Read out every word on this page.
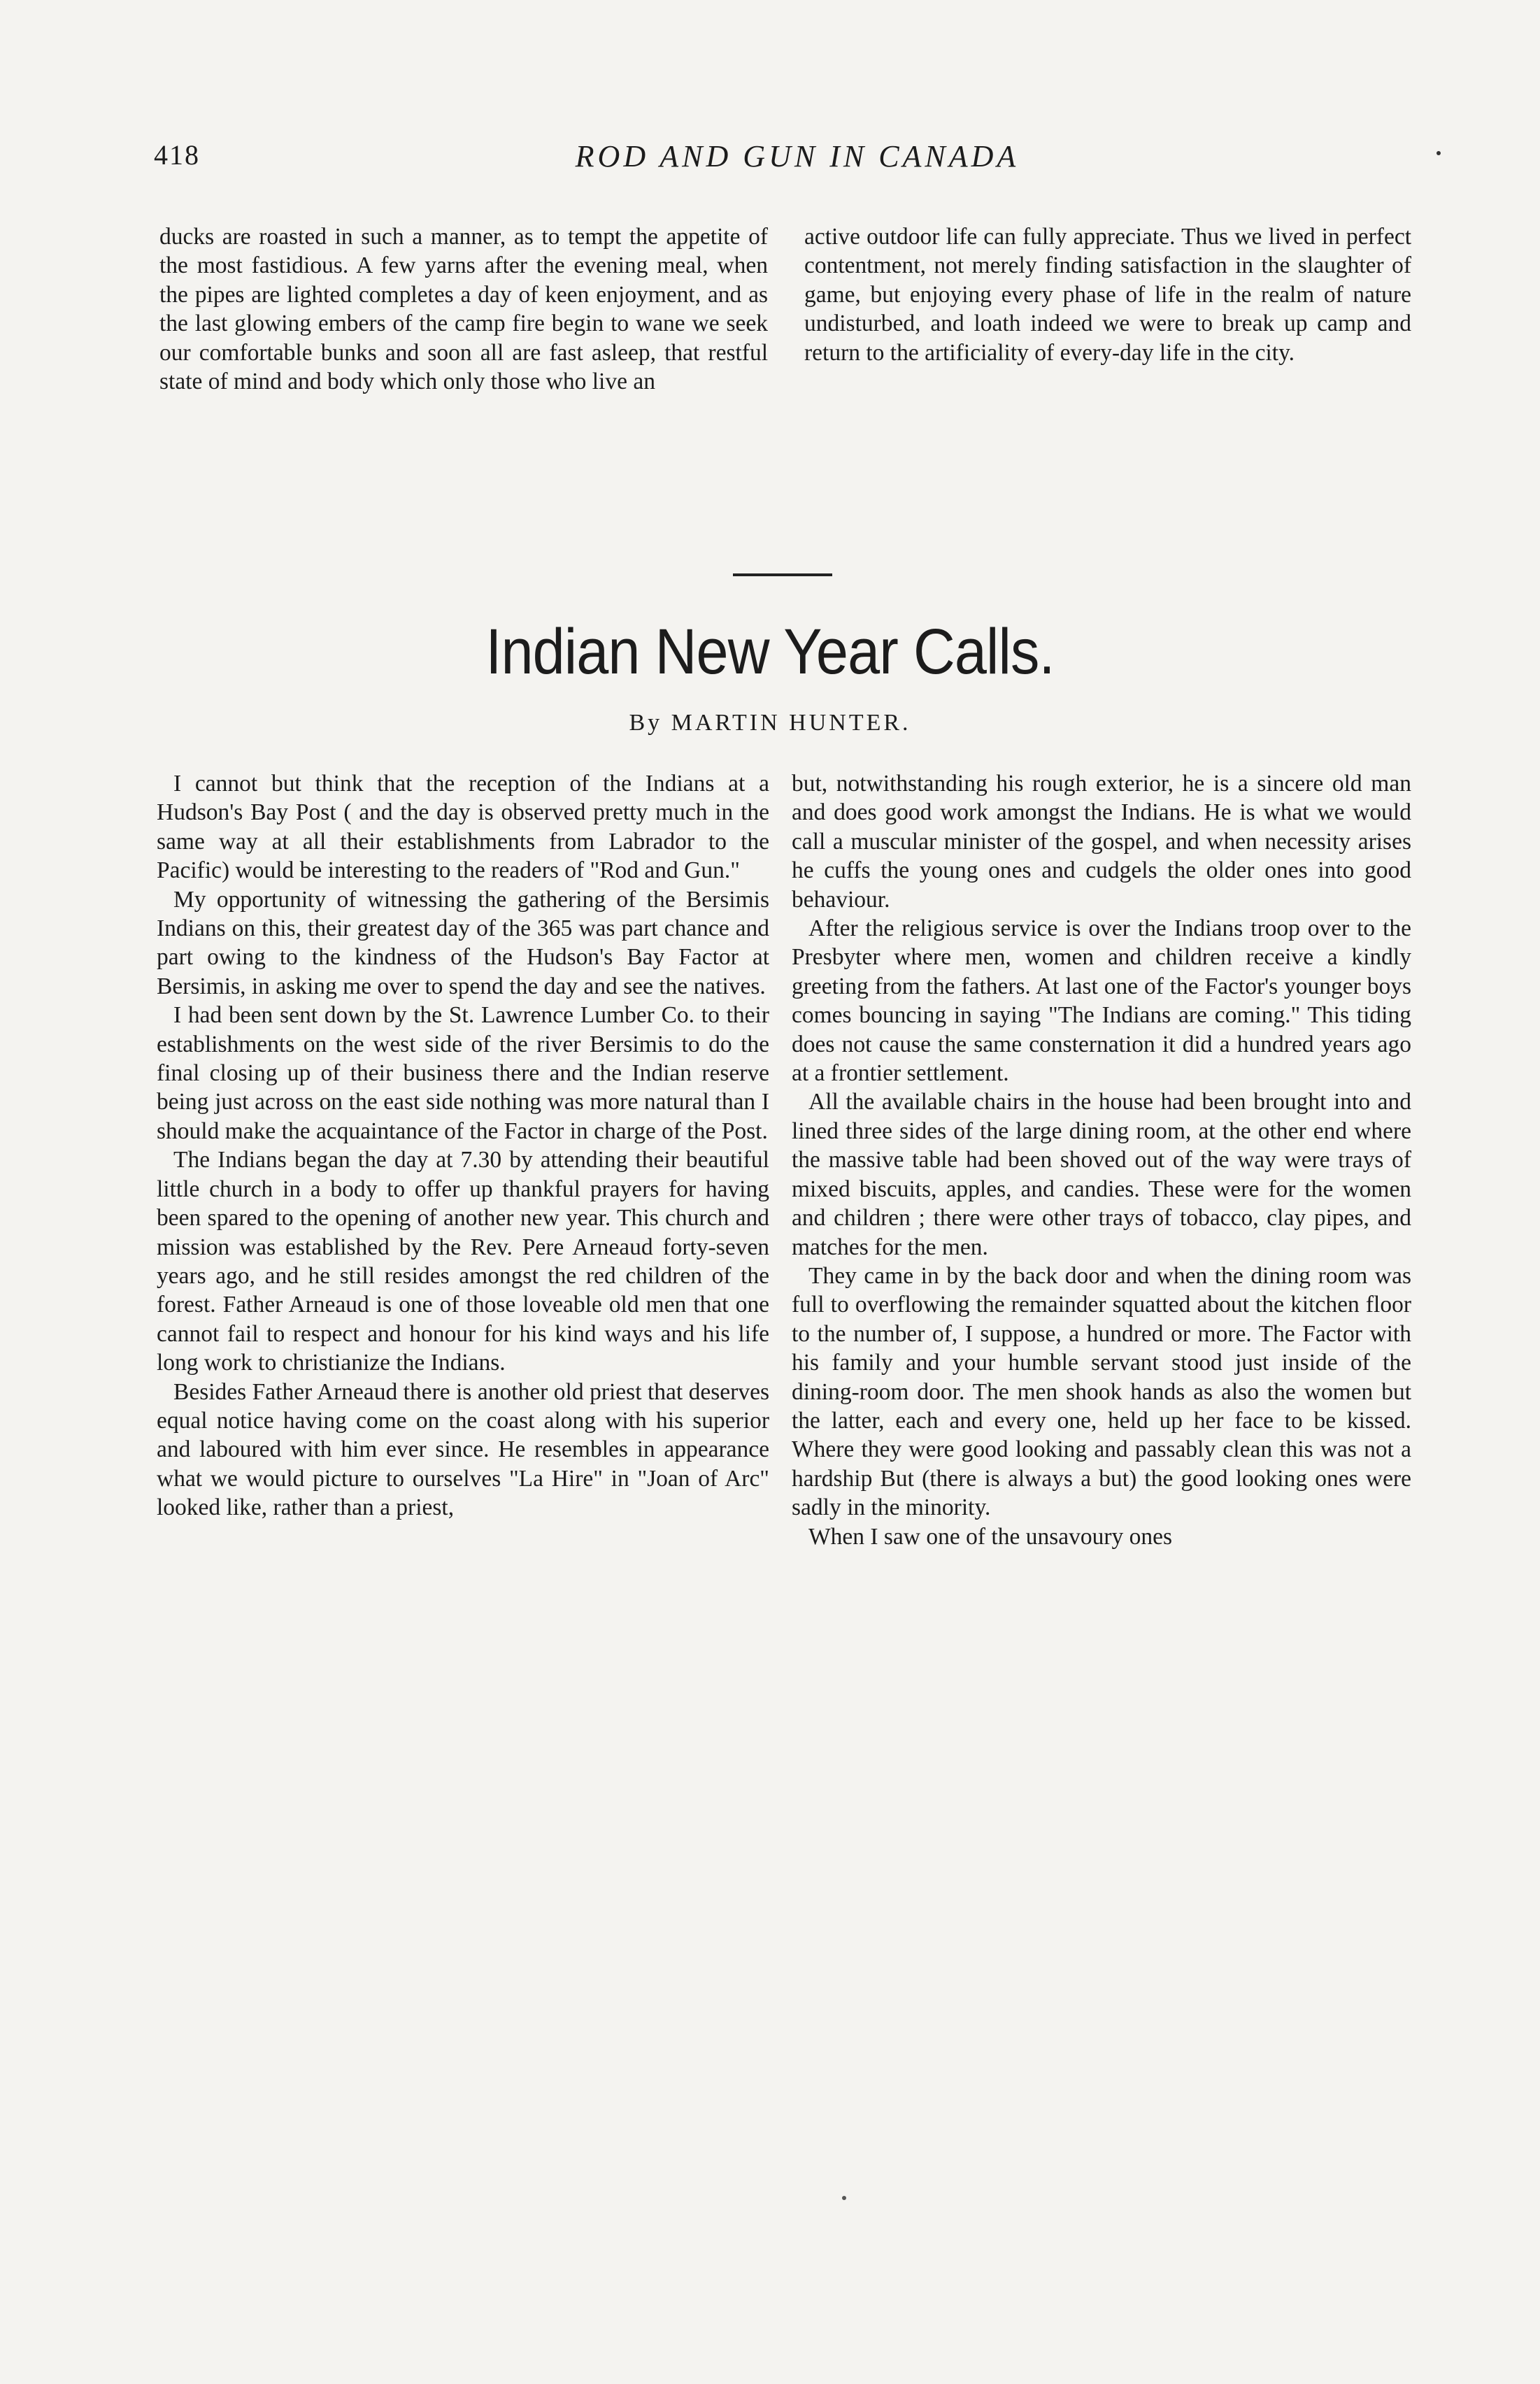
418	ROD AND GUN IN CANADA

ducks are roasted in such a manner, as to tempt the appetite of the most fastidious. A few yarns after the evening meal, when the pipes are lighted completes a day of keen enjoyment, and as the last glowing embers of the camp fire begin to wane we seek our comfortable bunks and soon all are fast asleep, that restful state of mind and body which only those who live an

active outdoor life can fully appreciate. Thus we lived in perfect contentment, not merely finding satisfaction in the slaughter of game, but enjoying every phase of life in the realm of nature undisturbed, and loath indeed we were to break up camp and return to the artificiality of every-day life in the city.

Indian New Year Calls.
By MARTIN HUNTER.

I cannot but think that the reception of the Indians at a Hudson's Bay Post ( and the day is observed pretty much in the same way at all their establishments from Labrador to the Pacific) would be interesting to the readers of "Rod and Gun."

My opportunity of witnessing the gathering of the Bersimis Indians on this, their greatest day of the 365 was part chance and part owing to the kindness of the Hudson's Bay Factor at Bersimis, in asking me over to spend the day and see the natives.

I had been sent down by the St. Lawrence Lumber Co. to their establishments on the west side of the river Bersimis to do the final closing up of their business there and the Indian reserve being just across on the east side nothing was more natural than I should make the acquaintance of the Factor in charge of the Post.

The Indians began the day at 7.30 by attending their beautiful little church in a body to offer up thankful prayers for having been spared to the opening of another new year. This church and mission was established by the Rev. Pere Arneaud forty-seven years ago, and he still resides amongst the red children of the forest. Father Arneaud is one of those loveable old men that one cannot fail to respect and honour for his kind ways and his life long work to christianize the Indians.

Besides Father Arneaud there is another old priest that deserves equal notice having come on the coast along with his superior and laboured with him ever since. He resembles in appearance what we would picture to ourselves "La Hire" in "Joan of Arc" looked like, rather than a priest,

but, notwithstanding his rough exterior, he is a sincere old man and does good work amongst the Indians. He is what we would call a muscular minister of the gospel, and when necessity arises he cuffs the young ones and cudgels the older ones into good behaviour.

After the religious service is over the Indians troop over to the Presbyter where men, women and children receive a kindly greeting from the fathers. At last one of the Factor's younger boys comes bouncing in saying "The Indians are coming." This tiding does not cause the same consternation it did a hundred years ago at a frontier settlement.

All the available chairs in the house had been brought into and lined three sides of the large dining room, at the other end where the massive table had been shoved out of the way were trays of mixed biscuits, apples, and candies. These were for the women and children ; there were other trays of tobacco, clay pipes, and matches for the men.

They came in by the back door and when the dining room was full to overflowing the remainder squatted about the kitchen floor to the number of, I suppose, a hundred or more. The Factor with his family and your humble servant stood just inside of the dining-room door. The men shook hands as also the women but the latter, each and every one, held up her face to be kissed. Where they were good looking and passably clean this was not a hardship But (there is always a but) the good looking ones were sadly in the minority.

When I saw one of the unsavoury ones
